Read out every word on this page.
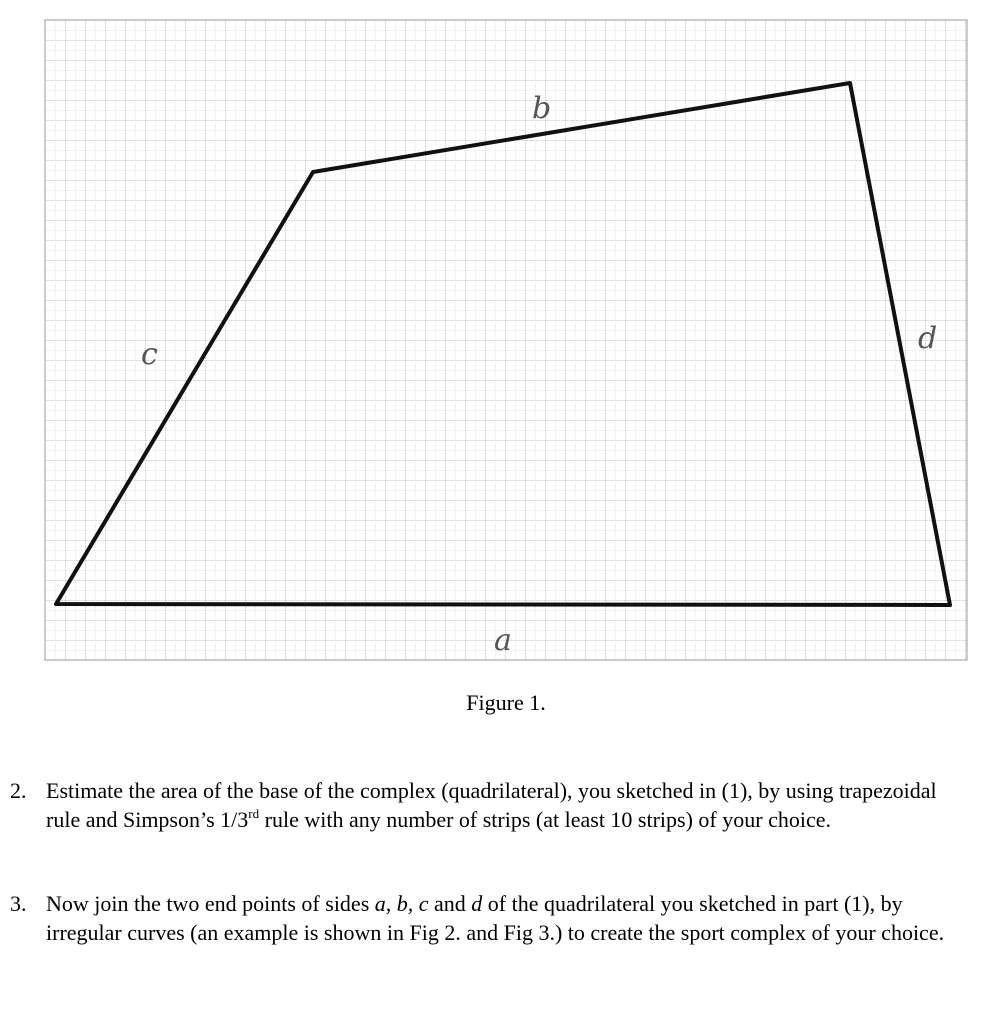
b
c	d
a
Figure 1.
2. Estimate the area of the base of the complex (quadrilateral), you sketched in (1), by using trapezoidal rule and Simpson’s 1/3rd rule with any number of strips (at least 10 strips) of your choice.
3. Now join the two end points of sides a, b, c and d of the quadrilateral you sketched in part (1), by irregular curves (an example is shown in Fig 2. and Fig 3.) to create the sport complex of your choice.
